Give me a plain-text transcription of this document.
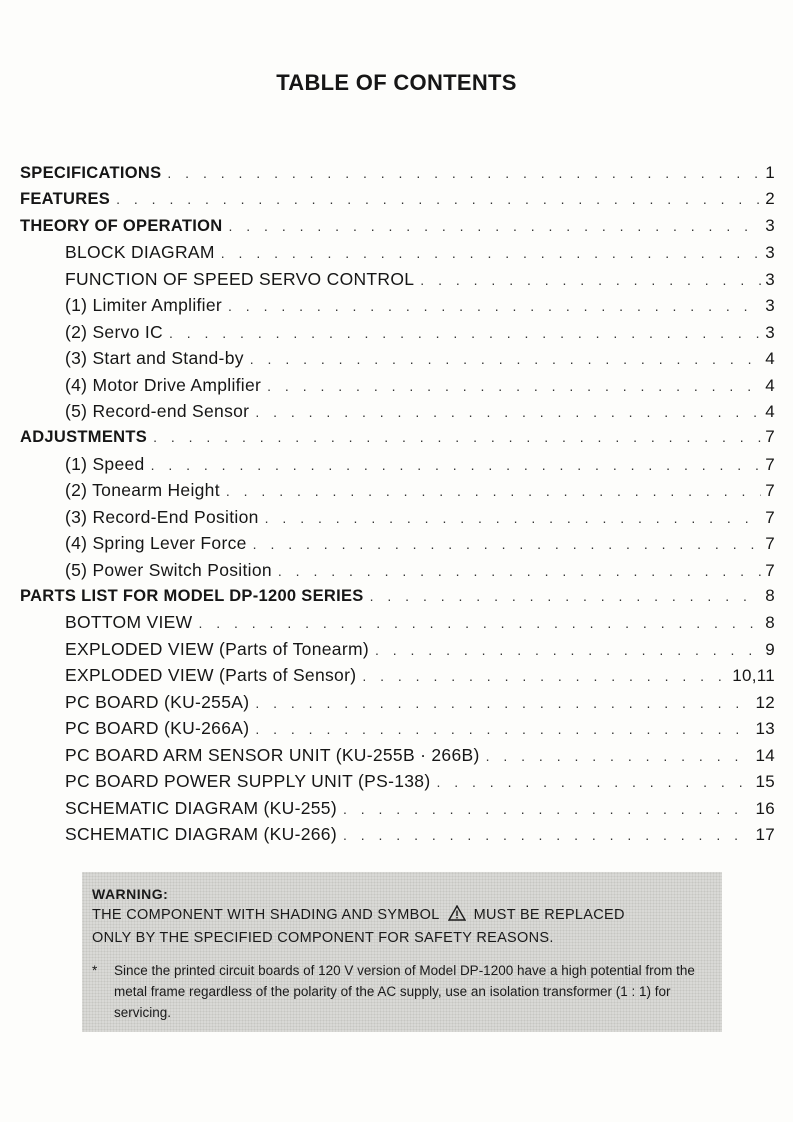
TABLE OF CONTENTS
SPECIFICATIONS . . .	1
FEATURES . . .	2
THEORY OF OPERATION . . .	3
BLOCK DIAGRAM . . .	3
FUNCTION OF SPEED SERVO CONTROL . . .	3
(1) Limiter Amplifier . . .	3
(2) Servo IC . . .	3
(3) Start and Stand-by . . .	4
(4) Motor Drive Amplifier . . .	4
(5) Record-end Sensor . . .	4
ADJUSTMENTS . . .	7
(1) Speed . . .	7
(2) Tonearm Height . . .	7
(3) Record-End Position . . .	7
(4) Spring Lever Force . . .	7
(5) Power Switch Position . . .	7
PARTS LIST FOR MODEL DP-1200 SERIES . . .	8
BOTTOM VIEW . . .	8
EXPLODED VIEW (Parts of Tonearm) . . .	9
EXPLODED VIEW (Parts of Sensor) . . .	10,11
PC BOARD (KU-255A) . . .	12
PC BOARD (KU-266A) . . .	13
PC BOARD ARM SENSOR UNIT (KU-255B · 266B) . . .	14
PC BOARD POWER SUPPLY UNIT (PS-138) . . .	15
SCHEMATIC DIAGRAM (KU-255) . . .	16
SCHEMATIC DIAGRAM (KU-266) . . .	17
WARNING:
THE COMPONENT WITH SHADING AND SYMBOL MUST BE REPLACED
ONLY BY THE SPECIFIED COMPONENT FOR SAFETY REASONS.
*	Since the printed circuit boards of 120 V version of Model DP-1200 have a high potential from the metal frame regardless of the polarity of the AC supply, use an isolation transformer (1 : 1) for servicing.
